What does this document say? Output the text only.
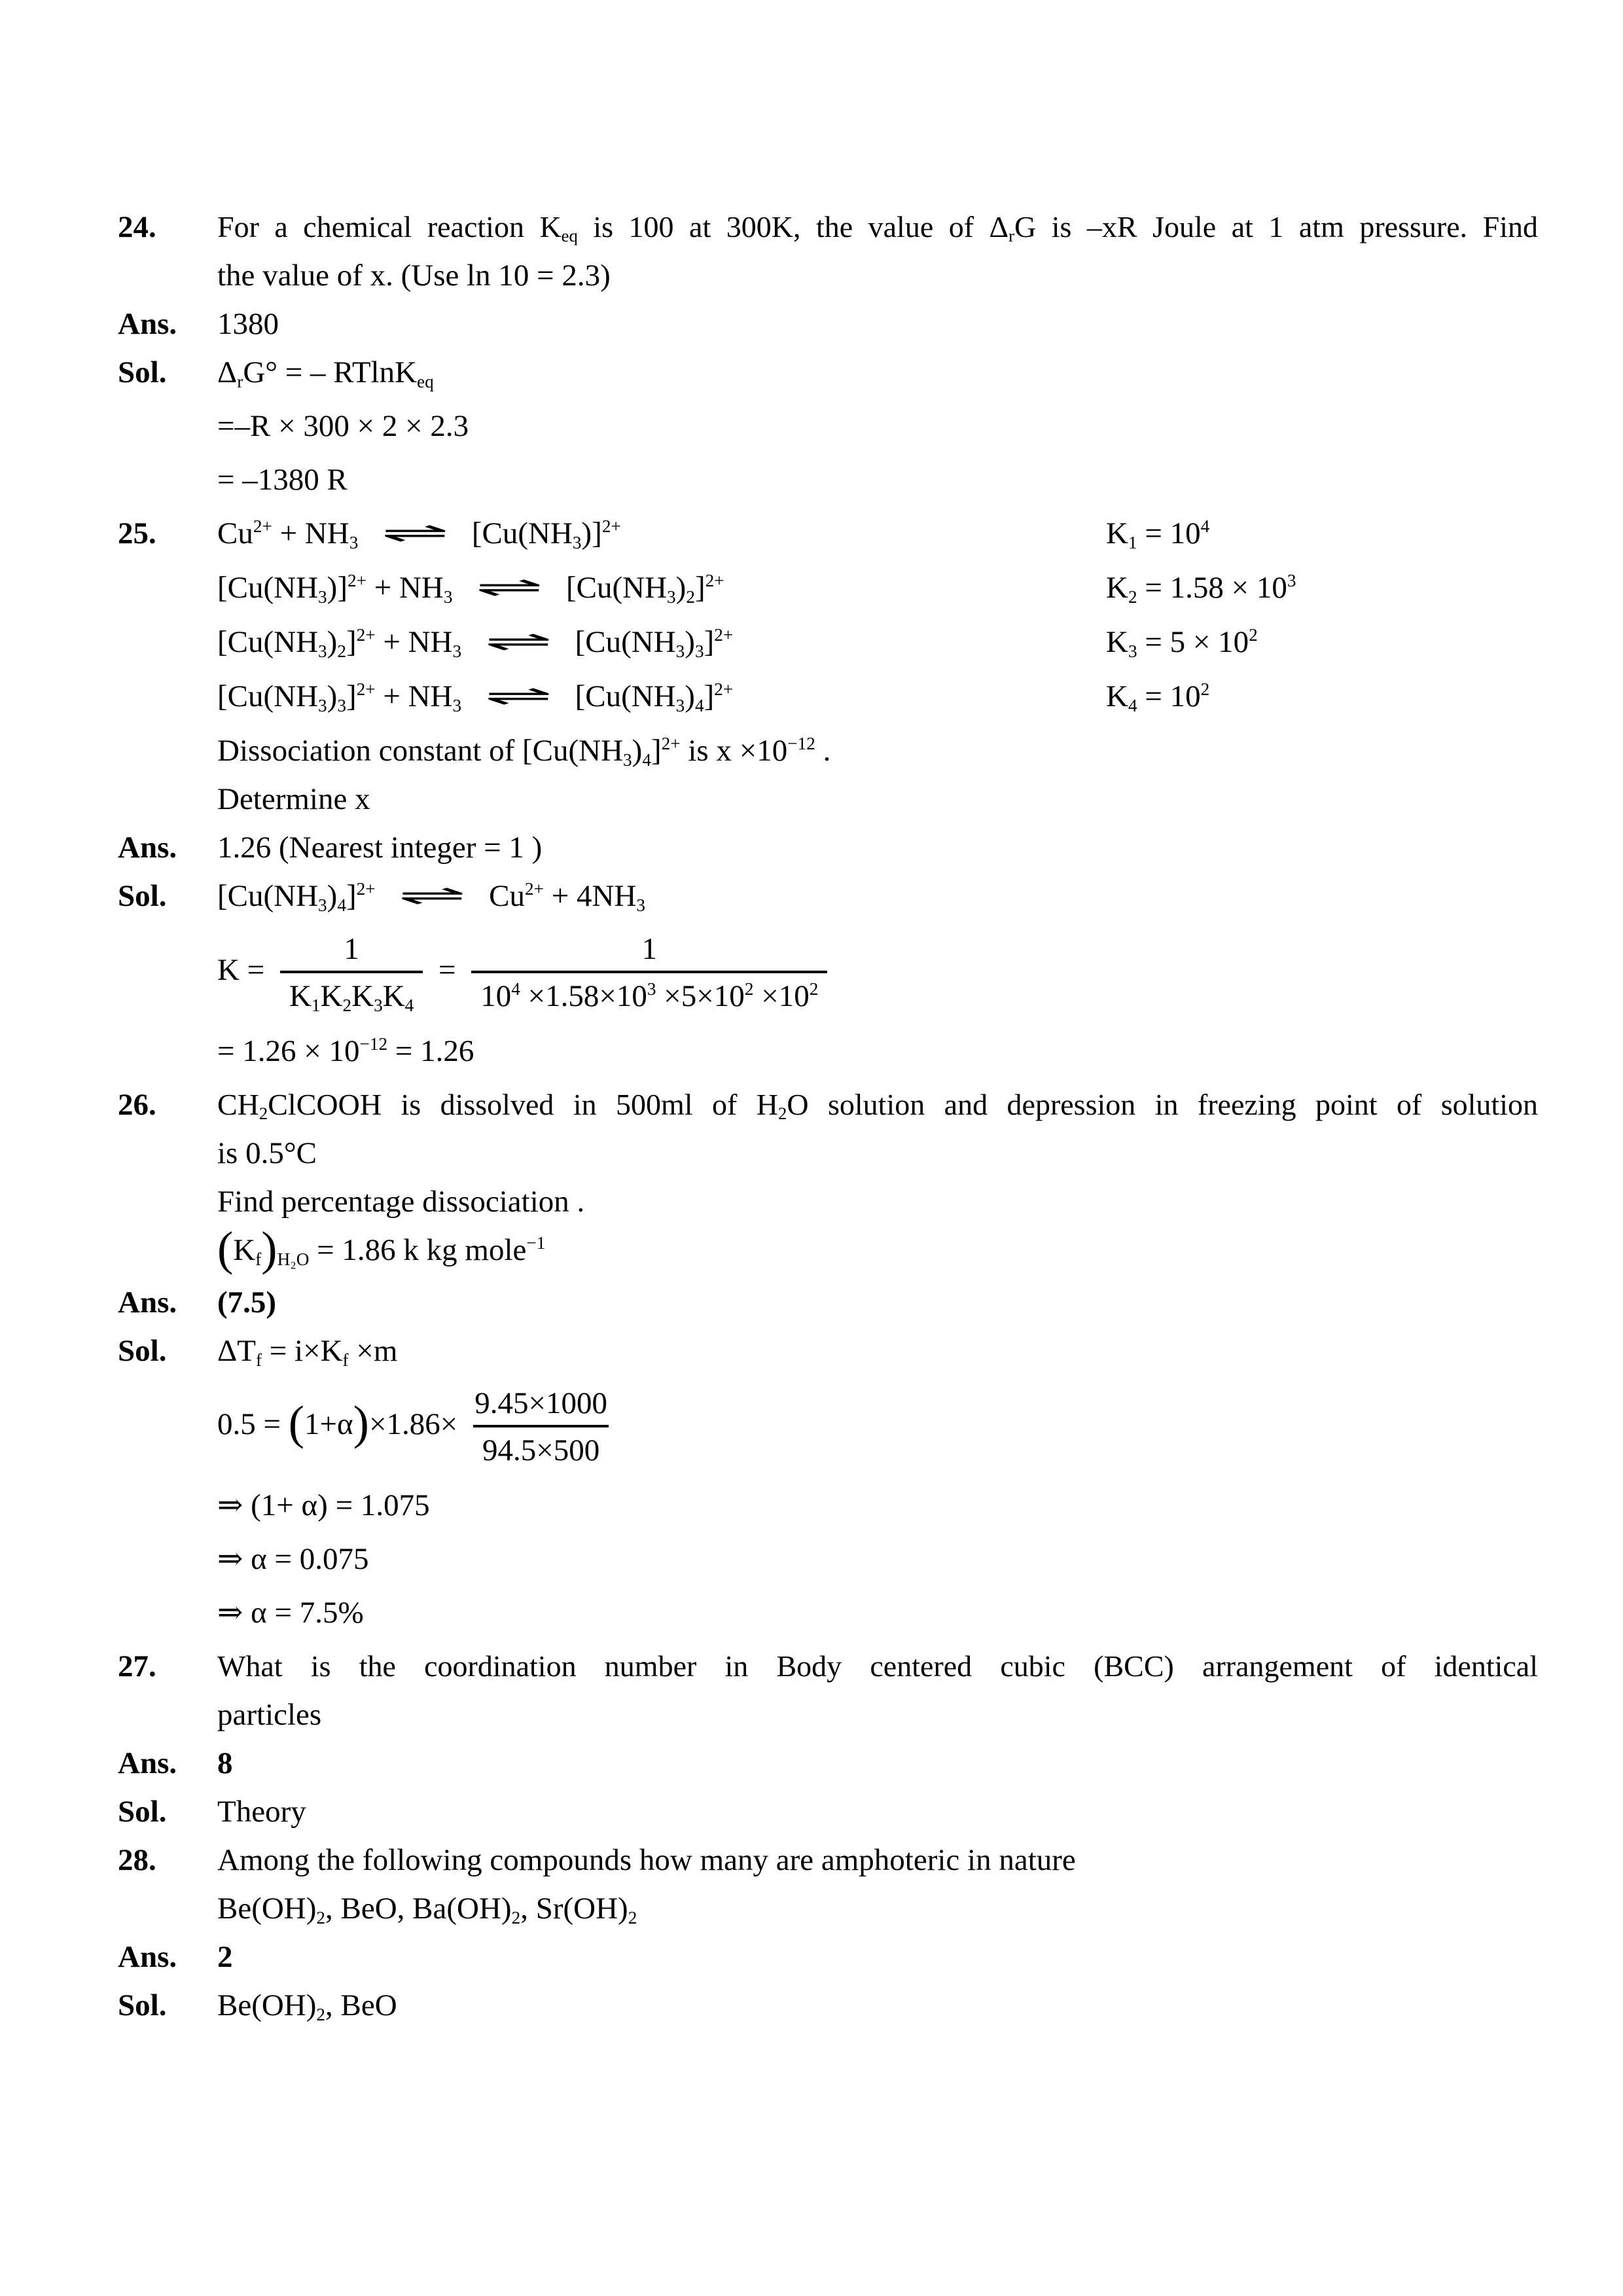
24.	For a chemical reaction Keq is 100 at 300K, the value of ΔrG is –xR Joule at 1 atm pressure. Find
the value of x. (Use ln 10 = 2.3)
Ans.	1380
Sol.	ΔrG° = – RTlnKeq
=–R × 300 × 2 × 2.3
= –1380 R
25.	$Cu^{2+} + NH3$ ⇌ $[Cu(NH3)]^{2+}$	$K1 = 10^4$
$[Cu(NH3)]^{2+} + NH3$ ⇌ $[Cu(NH3)2]^{2+}$	$K2 = 1.58 \times 10^3$
$[Cu(NH3)2]^{2+} + NH3$ ⇌ $[Cu(NH3)3]^{2+}$	$K3 = 5 \times 10^2$
$[Cu(NH3)3]^{2+} + NH3$ ⇌ $[Cu(NH3)4]^{2+}$	$K4 = 10^2$
Dissociation constant of $[Cu(NH3)4]^{2+}$ is $x \times 10^{-12}$ .
Determine x
Ans.	1.26 (Nearest integer = 1 )
Sol.	$[Cu(NH3)4]^{2+}$ ⇌ $Cu^{2+} + 4NH3$
$K = \frac{1}{K1K2K3K4} = \frac{1}{10^4 \times 1.58\times 10^3 \times 5\times 10^2 \times 10^2}$
= $1.26 \times 10^{-12} = 1.26$
26.	CH2ClCOOH is dissolved in 500ml of H2O solution and depression in freezing point of solution
is 0.5°C
Find percentage dissociation .
(Kf)H₂O = 1.86 k kg mole$^{-1}$
Ans.	(7.5)
Sol.	ΔTf = i×Kf ×m
$0.5 = (1+\alpha)\times 1.86\times \frac{9.45\times 1000}{94.5\times 500}$
⇒ (1+ α) = 1.075
⇒ α = 0.075
⇒ α = 7.5%
27.	What is the coordination number in Body centered cubic (BCC) arrangement of identical
particles
Ans.	8
Sol.	Theory
28.	Among the following compounds how many are amphoteric in nature
Be(OH)2, BeO, Ba(OH)2, Sr(OH)2
Ans.	2
Sol.	Be(OH)2, BeO
